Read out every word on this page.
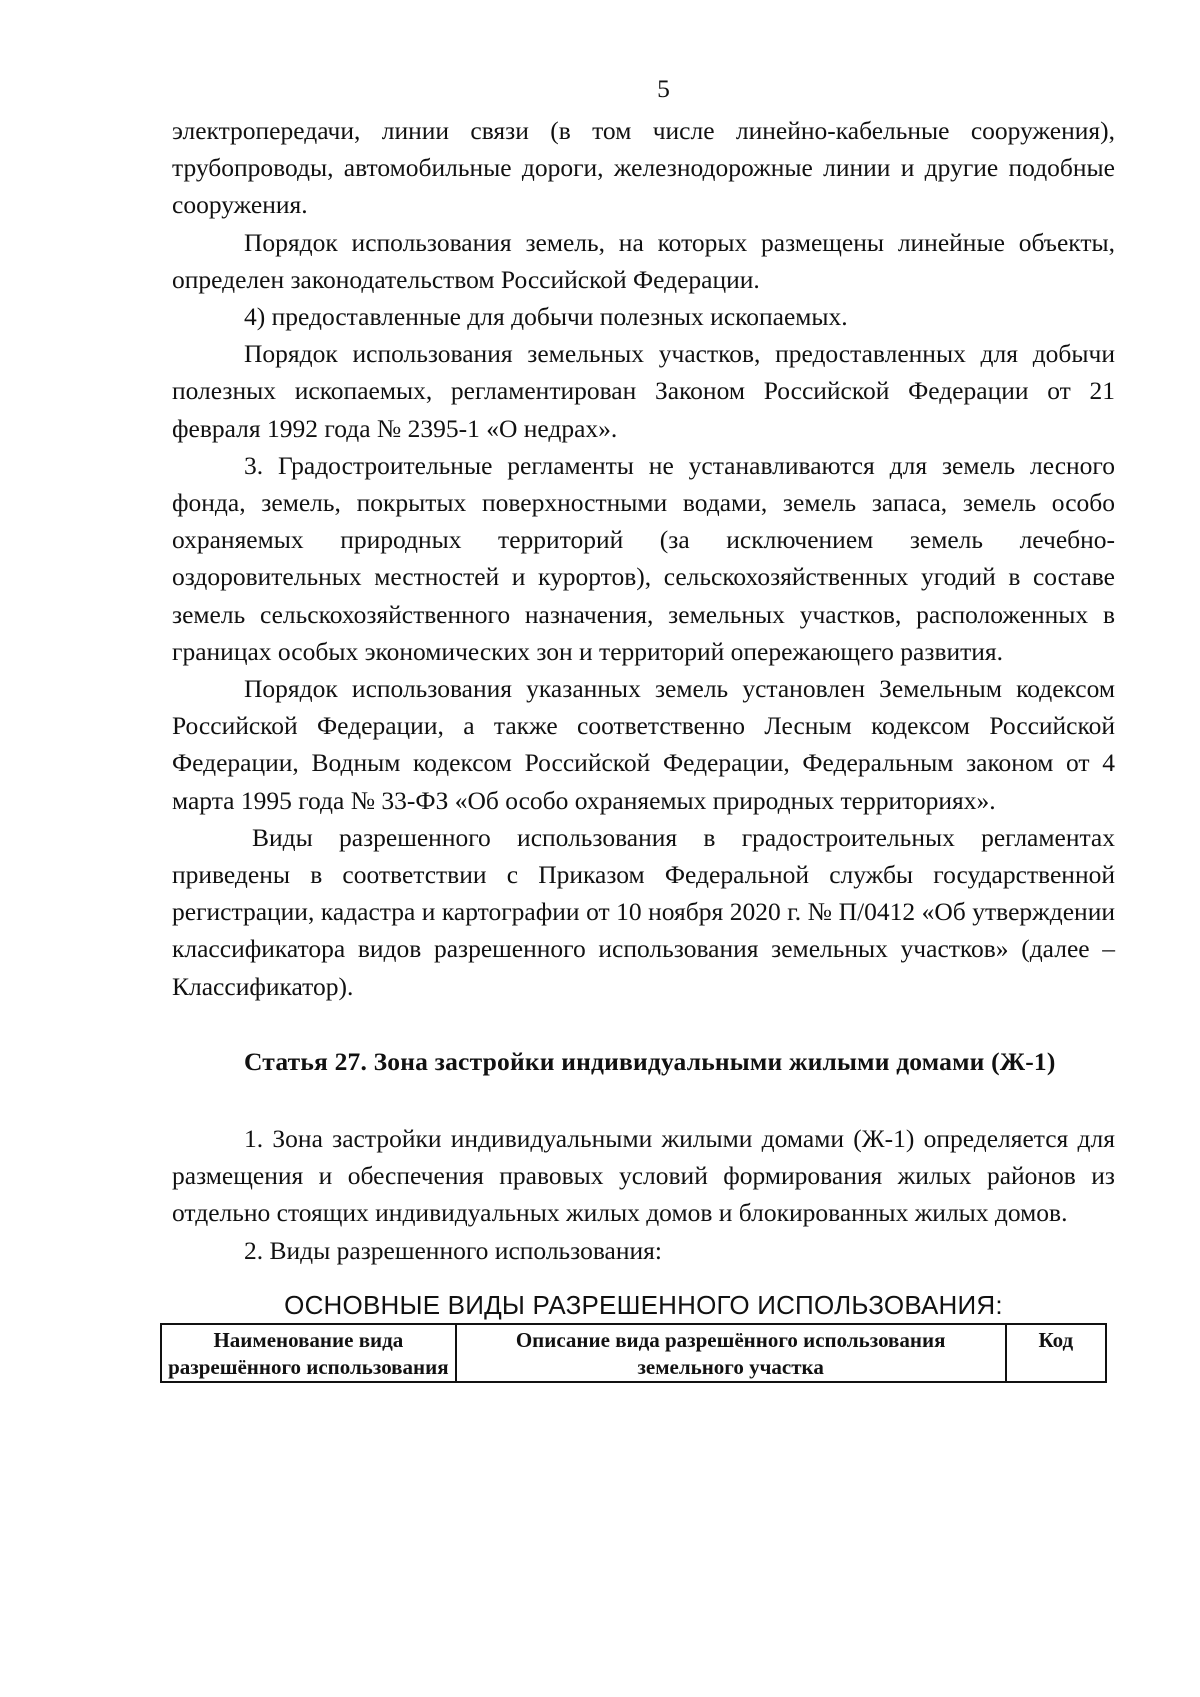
5

электропередачи, линии связи (в том числе линейно-кабельные сооружения), трубопроводы, автомобильные дороги, железнодорожные линии и другие подобные сооружения.

Порядок использования земель, на которых размещены линейные объекты, определен законодательством Российской Федерации.

4) предоставленные для добычи полезных ископаемых.

Порядок использования земельных участков, предоставленных для добычи полезных ископаемых, регламентирован Законом Российской Федерации от 21 февраля 1992 года № 2395-1 «О недрах».

3. Градостроительные регламенты не устанавливаются для земель лесного фонда, земель, покрытых поверхностными водами, земель запаса, земель особо охраняемых природных территорий (за исключением земель лечебно-оздоровительных местностей и курортов), сельскохозяйственных угодий в составе земель сельскохозяйственного назначения, земельных участков, расположенных в границах особых экономических зон и территорий опережающего развития.

Порядок использования указанных земель установлен Земельным кодексом Российской Федерации, а также соответственно Лесным кодексом Российской Федерации, Водным кодексом Российской Федерации, Федеральным законом от 4 марта 1995 года № 33-ФЗ «Об особо охраняемых природных территориях».

Виды разрешенного использования в градостроительных регламентах приведены в соответствии с Приказом Федеральной службы государственной регистрации, кадастра и картографии от 10 ноября 2020 г. № П/0412 «Об утверждении классификатора видов разрешенного использования земельных участков» (далее – Классификатор).

Статья 27. Зона застройки индивидуальными жилыми домами (Ж-1)

1. Зона застройки индивидуальными жилыми домами (Ж-1) определяется для размещения и обеспечения правовых условий формирования жилых районов из отдельно стоящих индивидуальных жилых домов и блокированных жилых домов.

2. Виды разрешенного использования:

ОСНОВНЫЕ ВИДЫ РАЗРЕШЕННОГО ИСПОЛЬЗОВАНИЯ:
Наименование вида разрешённого использования	Описание вида разрешённого использования земельного участка	Код
